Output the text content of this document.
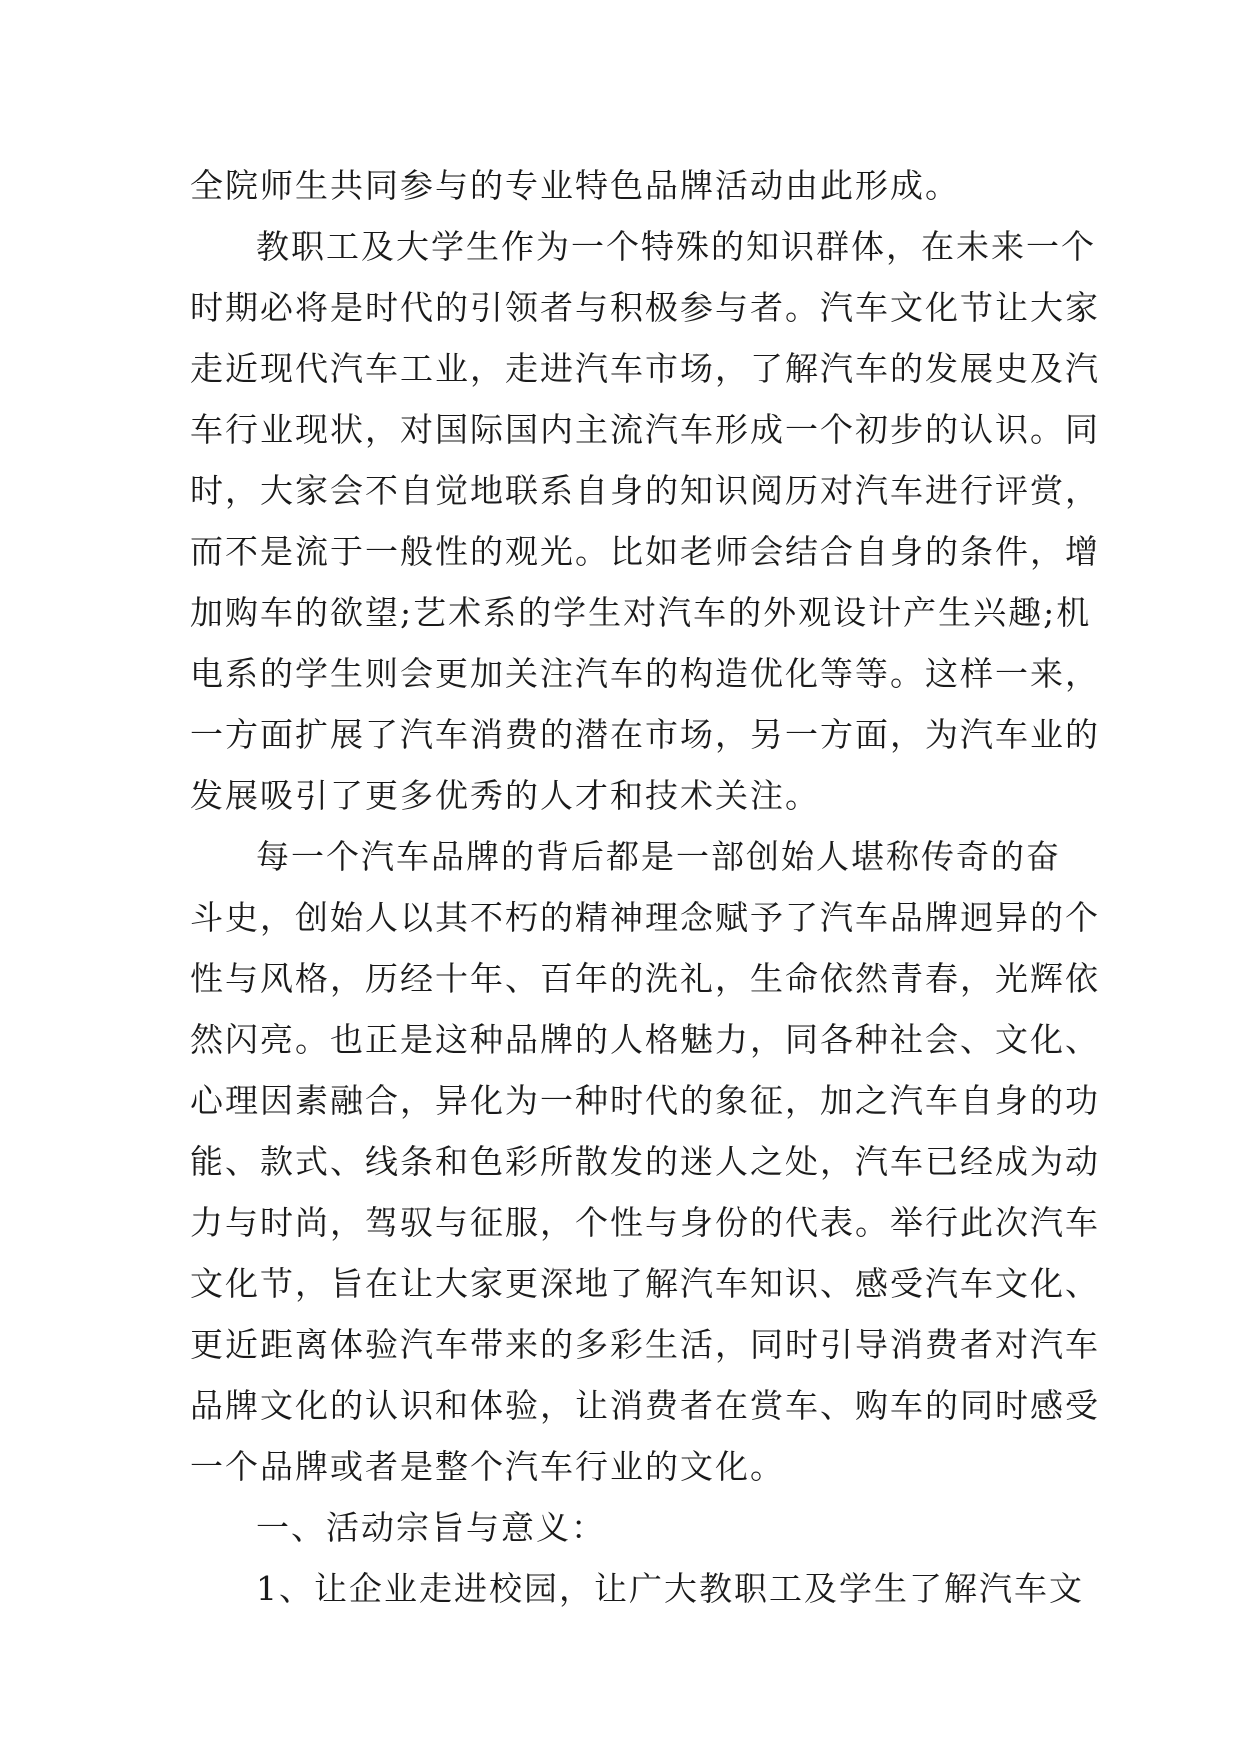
全院师生共同参与的专业特色品牌活动由此形成。
教职工及大学生作为一个特殊的知识群体，在未来一个
时期必将是时代的引领者与积极参与者。汽车文化节让大家
走近现代汽车工业，走进汽车市场，了解汽车的发展史及汽
车行业现状，对国际国内主流汽车形成一个初步的认识。同
时，大家会不自觉地联系自身的知识阅历对汽车进行评赏，
而不是流于一般性的观光。比如老师会结合自身的条件，增
加购车的欲望;艺术系的学生对汽车的外观设计产生兴趣;机
电系的学生则会更加关注汽车的构造优化等等。这样一来，
一方面扩展了汽车消费的潜在市场，另一方面，为汽车业的
发展吸引了更多优秀的人才和技术关注。
每一个汽车品牌的背后都是一部创始人堪称传奇的奋
斗史，创始人以其不朽的精神理念赋予了汽车品牌迥异的个
性与风格，历经十年、百年的洗礼，生命依然青春，光辉依
然闪亮。也正是这种品牌的人格魅力，同各种社会、文化、
心理因素融合，异化为一种时代的象征，加之汽车自身的功
能、款式、线条和色彩所散发的迷人之处，汽车已经成为动
力与时尚，驾驭与征服，个性与身份的代表。举行此次汽车
文化节，旨在让大家更深地了解汽车知识、感受汽车文化、
更近距离体验汽车带来的多彩生活，同时引导消费者对汽车
品牌文化的认识和体验，让消费者在赏车、购车的同时感受
一个品牌或者是整个汽车行业的文化。
一、活动宗旨与意义：
1、让企业走进校园，让广大教职工及学生了解汽车文
